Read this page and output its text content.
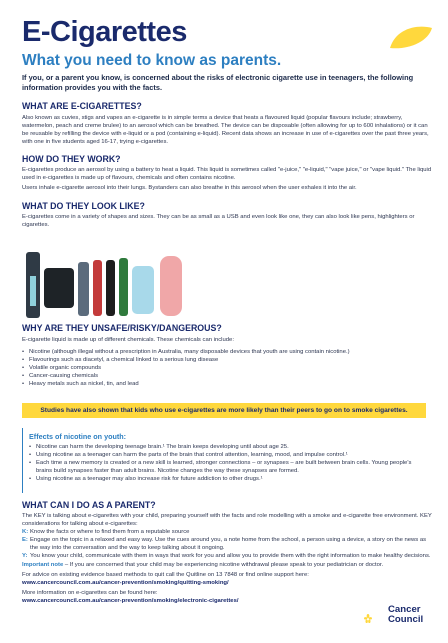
E-Cigarettes
What you need to know as parents.
If you, or a parent you know, is concerned about the risks of electronic cigarette use in teenagers, the following information provides you with the facts.
WHAT ARE E-CIGARETTES?
Also known as cuvies, stigs and vapes an e-cigarette is in simple terms a device that heats a flavoured liquid (popular flavours include; strawberry, watermelon, peach and creme brulee) to an aerosol which can be breathed. The device can be disposable (often allowing for up to 600 inhalations) or it can be reusable by refilling the device with e-liquid or a pod (containing e-liquid). Recent data shows an increase in use of e-cigarettes over the past three years, with one in five students aged 16-17, trying e-cigarettes.
HOW DO THEY WORK?
E-cigarettes produce an aerosol by using a battery to heat a liquid. This liquid is sometimes called "e-juice," "e-liquid," "vape juice," or "vape liquid." The liquid used in e-cigarettes is made up of flavours, chemicals and often contains nicotine.
Users inhale e-cigarette aerosol into their lungs. Bystanders can also breathe in this aerosol when the user exhales it into the air.
WHAT DO THEY LOOK LIKE?
E-cigarettes come in a variety of shapes and sizes. They can be as small as a USB and even look like one, they can also look like pens, highlighters or cigarettes.
WHY ARE THEY UNSAFE/RISKY/DANGEROUS?
E-cigarette liquid is made up of different chemicals. These chemicals can include:
• Nicotine (although illegal without a prescription in Australia, many disposable devices that youth are using contain nicotine.)
• Flavourings such as diacetyl, a chemical linked to a serious lung disease
• Volatile organic compounds
• Cancer-causing chemicals
• Heavy metals such as nickel, tin, and lead
Studies have also shown that kids who use e-cigarettes are more likely than their peers to go on to smoke cigarettes.
Effects of nicotine on youth:
• Nicotine can harm the developing teenage brain.¹ The brain keeps developing until about age 25.
• Using nicotine as a teenager can harm the parts of the brain that control attention, learning, mood, and impulse control.¹
• Each time a new memory is created or a new skill is learned, stronger connections – or synapses – are built between brain cells. Young people's brains build synapses faster than adult brains. Nicotine changes the way these synapses are formed.
• Using nicotine as a teenager may also increase risk for future addiction to other drugs.¹
WHAT CAN I DO AS A PARENT?
The KEY is talking about e-cigarettes with your child, preparing yourself with the facts and role modelling with a smoke and e-cigarette free environment. KEY considerations for talking about e-cigarettes:
K: Know the facts or where to find them from a reputable source
E: Engage on the topic in a relaxed and easy way. Use the cues around you, a note home from the school, a person using a device, a story on the news as the way into the conversation and the way to keep talking about it ongoing.
Y: You know your child, communicate with them in ways that work for you and allow you to provide them with the right information to make healthy decisions.
Important note – If you are concerned that your child may be experiencing nicotine withdrawal please speak to your pediatrician or doctor.
For advice on existing evidence based methods to quit call the Quitline on 13 7848 or find online support here: www.cancercouncil.com.au/cancer-prevention/smoking/quitting-smoking/
More information on e-cigarettes can be found here:
www.cancercouncil.com.au/cancer-prevention/smoking/electronic-cigarettes/
Cancer
Council
